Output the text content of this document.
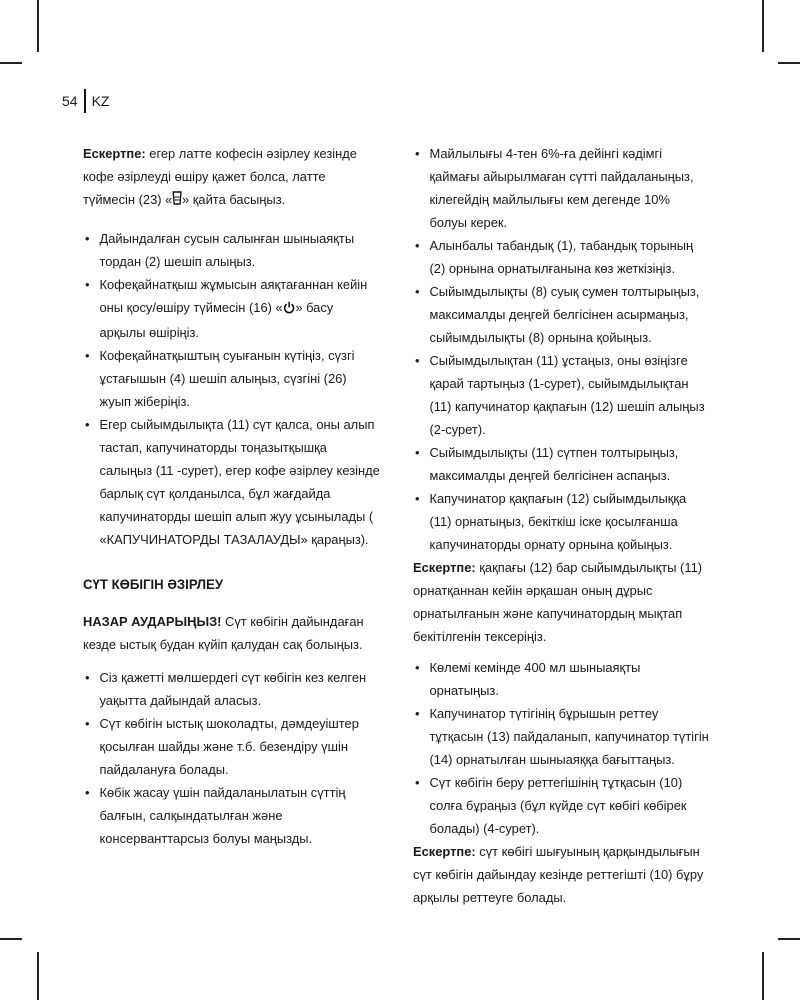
54	KZ

Ескертпе: егер латте кофесін әзірлеу кезінде кофе әзірлеуді өшіру қажет болса, латте түймесін (23) « » қайта басыңыз.

• Дайындалған сусын салынған шыныаяқты тордан (2) шешіп алыңыз.
• Кофеқайнатқыш жұмысын аяқтағаннан кейін оны қосу/өшіру түймесін (16) « » басу арқылы өшіріңіз.
• Кофеқайнатқыштың суығанын күтіңіз, сүзгі ұстағышын (4) шешіп алыңыз, сүзгіні (26) жуып жіберіңіз.
• Егер сыйымдылықта (11) сүт қалса, оны алып тастап, капучинаторды тоңазытқышқа салыңыз (11 -сурет), егер кофе әзірлеу кезінде барлық сүт қолданылса, бұл жағдайда капучинаторды шешіп алып жуу ұсынылады ( «КАПУЧИНАТОРДЫ ТАЗАЛАУДЫ» қараңыз).

СҮТ КӨБІГІН ӘЗІРЛЕУ

НАЗАР АУДАРЫҢЫЗ! Сүт көбігін дайындаған кезде ыстық будан күйіп қалудан сақ болыңыз.

• Сіз қажетті мөлшердегі сүт көбігін кез келген уақытта дайындай аласыз.
• Сүт көбігін ыстық шоколадты, дәмдеуіштер қосылған шайды және т.б. безендіру үшін пайдалануға болады.
• Көбік жасау үшін пайдаланылатын сүттің балғын, салқындатылған және консерванттарсыз болуы маңызды.
• Майлылығы 4-тен 6%-ға дейінгі кәдімгі қаймағы айырылмаған сүтті пайдаланыңыз, кілегейдің майлылығы кем дегенде 10% болуы керек.
• Алынбалы табандық (1), табандық торының (2) орнына орнатылғанына көз жеткізіңіз.
• Сыйымдылықты (8) суық сумен толтырыңыз, максималды деңгей белгісінен асырмаңыз, сыйымдылықты (8) орнына қойыңыз.
• Сыйымдылықтан (11) ұстаңыз, оны өзіңізге қарай тартыңыз (1-сурет), сыйымдылықтан (11) капучинатор қақпағын (12) шешіп алыңыз (2-сурет).
• Сыйымдылықты (11) сүтпен толтырыңыз, максималды деңгей белгісінен аспаңыз.
• Капучинатор қақпағын (12) сыйымдылыққа (11) орнатыңыз, бекіткіш іске қосылғанша капучинаторды орнату орнына қойыңыз.

Ескертпе: қақпағы (12) бар сыйымдылықты (11) орнатқаннан кейін әрқашан оның дұрыс орнатылғанын және капучинатордың мықтап бекітілгенін тексеріңіз.

• Көлемі кемінде 400 мл шыныаяқты орнатыңыз.
• Капучинатор түтігінің бұрышын реттеу тұтқасын (13) пайдаланып, капучинатор түтігін (14) орнатылған шыныаяққа бағыттаңыз.
• Сүт көбігін беру реттегішінің тұтқасын (10) солға бұраңыз (бұл күйде сүт көбігі көбірек болады) (4-сурет).

Ескертпе: сүт көбігі шығуының қарқындылығын сүт көбігін дайындау кезінде реттегішті (10) бұру арқылы реттеуге болады.
